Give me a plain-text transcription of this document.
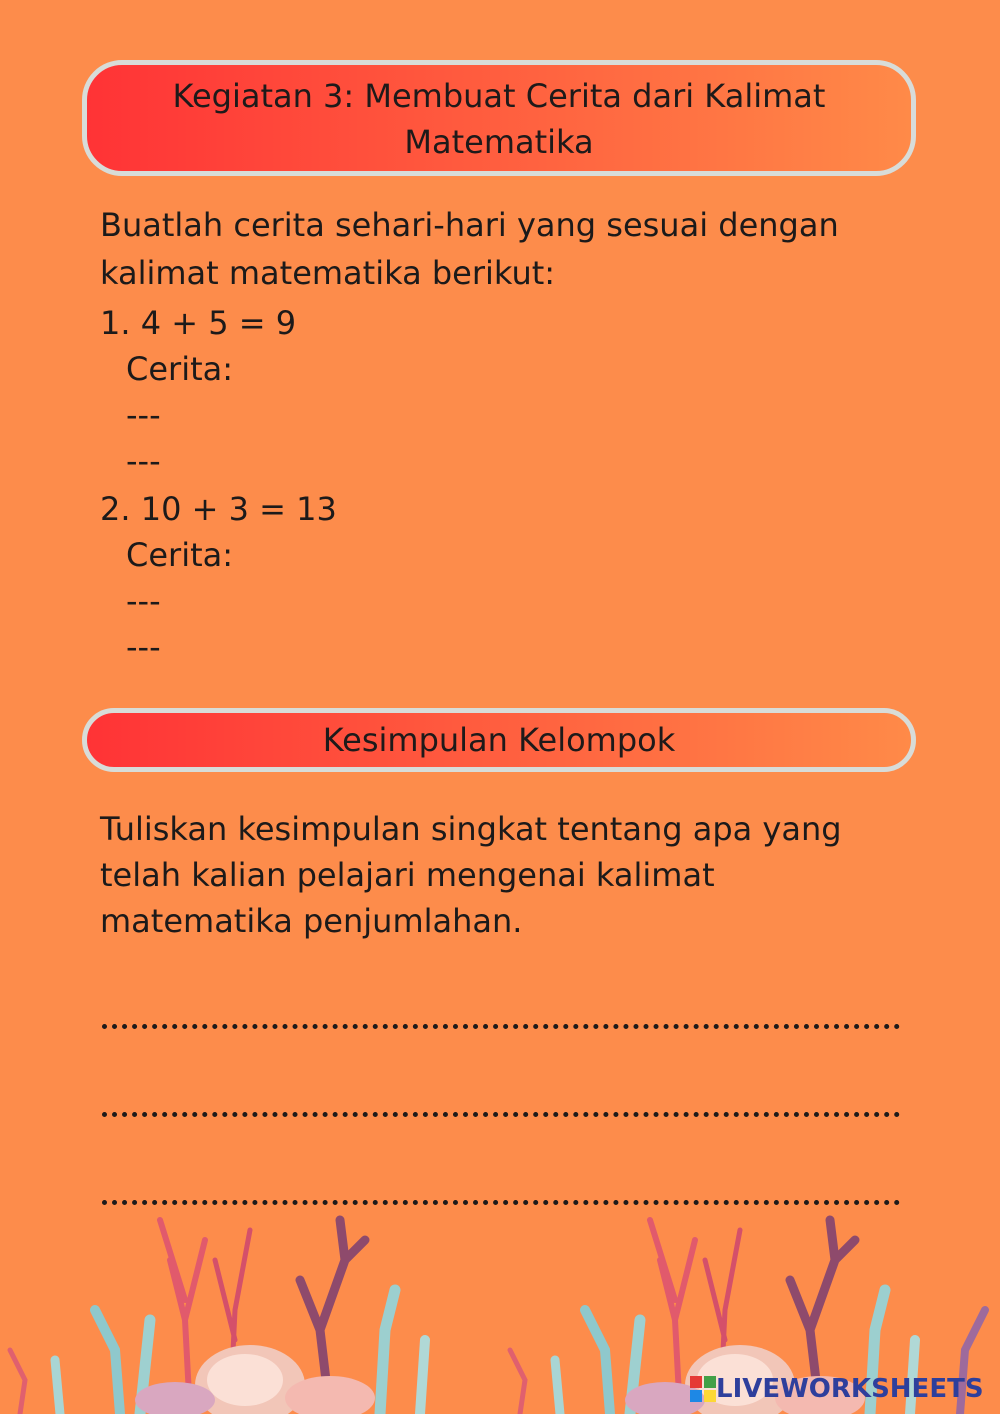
Kegiatan 3: Membuat Cerita dari Kalimat
Matematika
Buatlah cerita sehari-hari yang sesuai dengan
kalimat matematika berikut:
1. 4 + 5 = 9
Cerita:
---
---
2. 10 + 3 = 13
Cerita:
---
---
Kesimpulan Kelompok
Tuliskan kesimpulan singkat tentang apa yang
telah kalian pelajari mengenai kalimat
matematika penjumlahan.
LIVEWORKSHEETS
